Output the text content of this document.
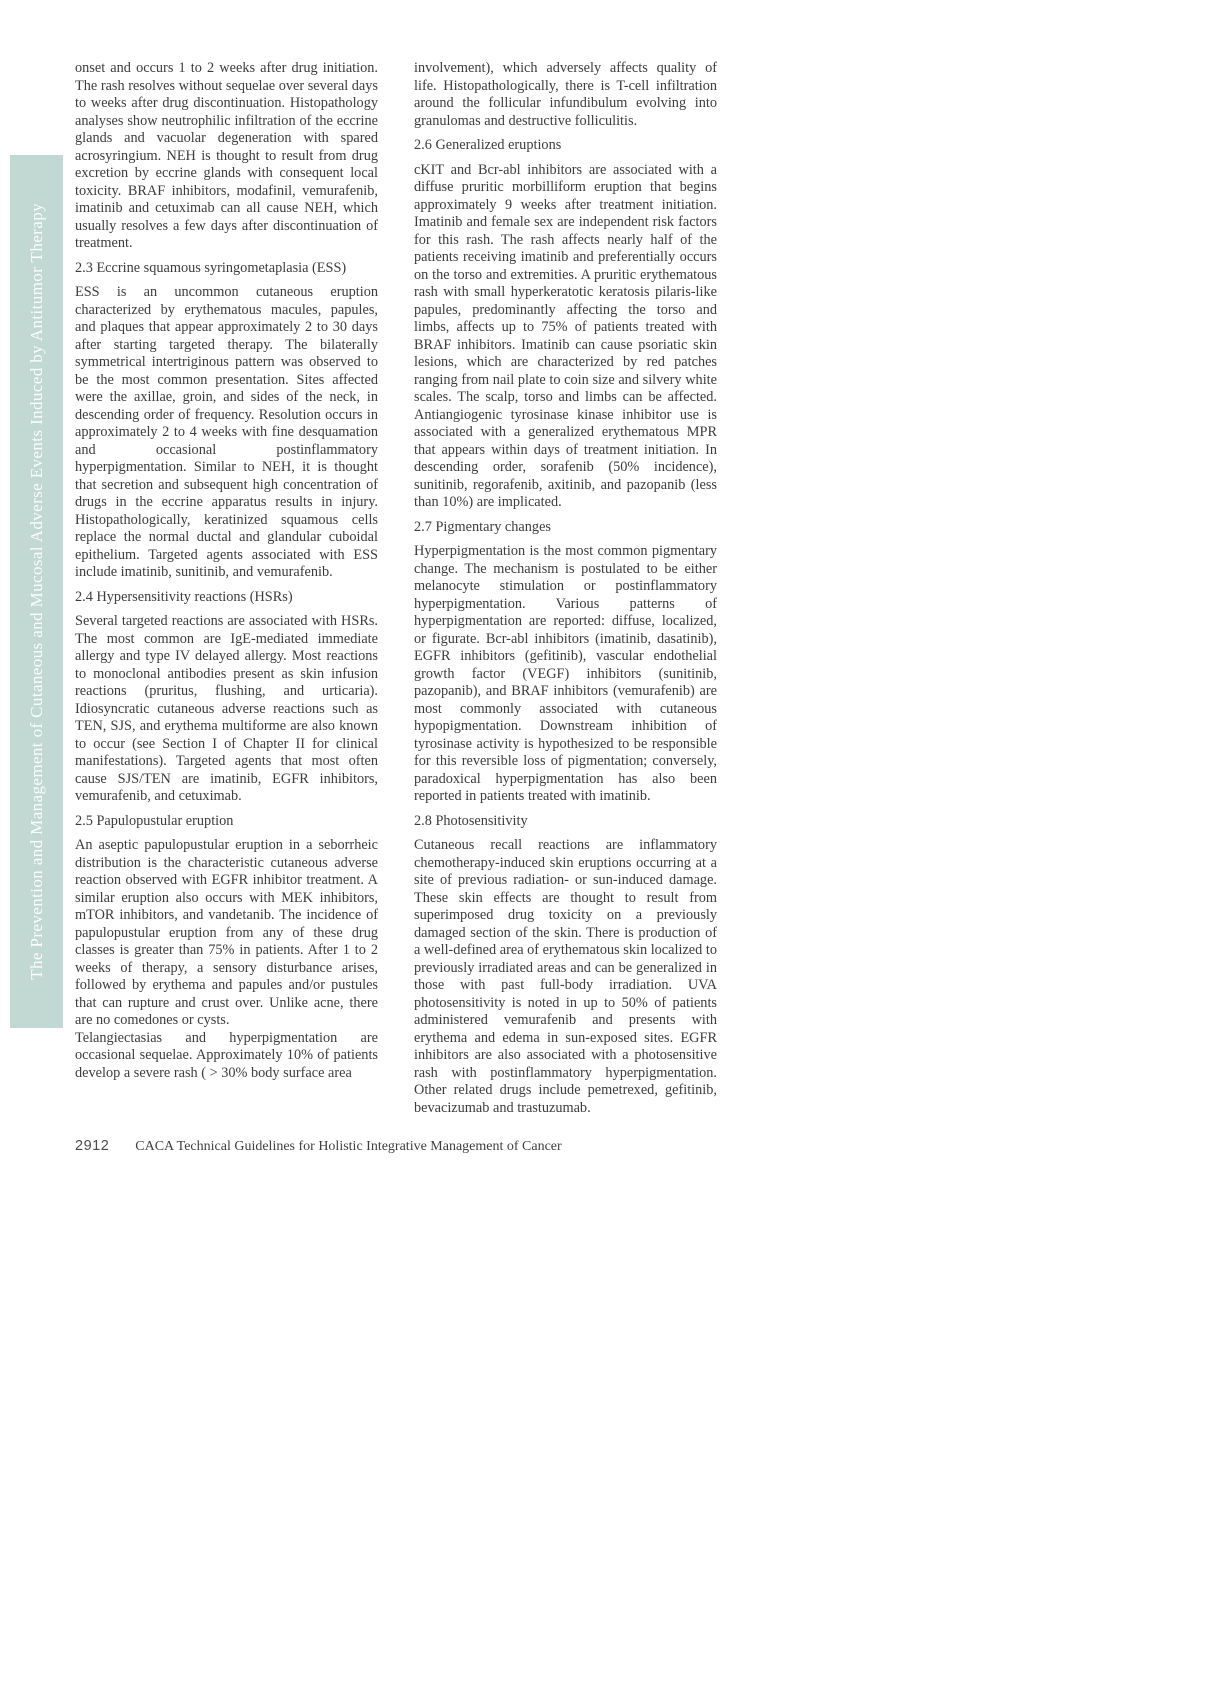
The Prevention and Management of Cutaneous and Mucosal Adverse Events Induced by Antitumor Therapy

onset and occurs 1 to 2 weeks after drug initiation. The rash resolves without sequelae over several days to weeks after drug discontinuation. Histopathology analyses show neutrophilic infiltration of the eccrine glands and vacuolar degeneration with spared acrosyringium. NEH is thought to result from drug excretion by eccrine glands with consequent local toxicity. BRAF inhibitors, modafinil, vemurafenib, imatinib and cetuximab can all cause NEH, which usually resolves a few days after discontinuation of treatment.

2.3 Eccrine squamous syringometaplasia (ESS)

ESS is an uncommon cutaneous eruption characterized by erythematous macules, papules, and plaques that appear approximately 2 to 30 days after starting targeted therapy. The bilaterally symmetrical intertriginous pattern was observed to be the most common presentation. Sites affected were the axillae, groin, and sides of the neck, in descending order of frequency. Resolution occurs in approximately 2 to 4 weeks with fine desquamation and occasional postinflammatory hyperpigmentation. Similar to NEH, it is thought that secretion and subsequent high concentration of drugs in the eccrine apparatus results in injury. Histopathologically, keratinized squamous cells replace the normal ductal and glandular cuboidal epithelium. Targeted agents associated with ESS include imatinib, sunitinib, and vemurafenib.

2.4 Hypersensitivity reactions (HSRs)

Several targeted reactions are associated with HSRs. The most common are IgE-mediated immediate allergy and type IV delayed allergy. Most reactions to monoclonal antibodies present as skin infusion reactions (pruritus, flushing, and urticaria). Idiosyncratic cutaneous adverse reactions such as TEN, SJS, and erythema multiforme are also known to occur (see Section I of Chapter II for clinical manifestations). Targeted agents that most often cause SJS/TEN are imatinib, EGFR inhibitors, vemurafenib, and cetuximab.

2.5 Papulopustular eruption

An aseptic papulopustular eruption in a seborrheic distribution is the characteristic cutaneous adverse reaction observed with EGFR inhibitor treatment. A similar eruption also occurs with MEK inhibitors, mTOR inhibitors, and vandetanib. The incidence of papulopustular eruption from any of these drug classes is greater than 75% in patients. After 1 to 2 weeks of therapy, a sensory disturbance arises, followed by erythema and papules and/or pustules that can rupture and crust over. Unlike acne, there are no comedones or cysts.

Telangiectasias and hyperpigmentation are occasional sequelae. Approximately 10% of patients develop a severe rash ( > 30% body surface area

involvement), which adversely affects quality of life. Histopathologically, there is T-cell infiltration around the follicular infundibulum evolving into granulomas and destructive folliculitis.

2.6 Generalized eruptions

cKIT and Bcr-abl inhibitors are associated with a diffuse pruritic morbilliform eruption that begins approximately 9 weeks after treatment initiation. Imatinib and female sex are independent risk factors for this rash. The rash affects nearly half of the patients receiving imatinib and preferentially occurs on the torso and extremities. A pruritic erythematous rash with small hyperkeratotic keratosis pilaris-like papules, predominantly affecting the torso and limbs, affects up to 75% of patients treated with BRAF inhibitors. Imatinib can cause psoriatic skin lesions, which are characterized by red patches ranging from nail plate to coin size and silvery white scales. The scalp, torso and limbs can be affected. Antiangiogenic tyrosinase kinase inhibitor use is associated with a generalized erythematous MPR that appears within days of treatment initiation. In descending order, sorafenib (50% incidence), sunitinib, regorafenib, axitinib, and pazopanib (less than 10%) are implicated.

2.7 Pigmentary changes

Hyperpigmentation is the most common pigmentary change. The mechanism is postulated to be either melanocyte stimulation or postinflammatory hyperpigmentation. Various patterns of hyperpigmentation are reported: diffuse, localized, or figurate. Bcr-abl inhibitors (imatinib, dasatinib), EGFR inhibitors (gefitinib), vascular endothelial growth factor (VEGF) inhibitors (sunitinib, pazopanib), and BRAF inhibitors (vemurafenib) are most commonly associated with cutaneous hypopigmentation. Downstream inhibition of tyrosinase activity is hypothesized to be responsible for this reversible loss of pigmentation; conversely, paradoxical hyperpigmentation has also been reported in patients treated with imatinib.

2.8 Photosensitivity

Cutaneous recall reactions are inflammatory chemotherapy-induced skin eruptions occurring at a site of previous radiation- or sun-induced damage. These skin effects are thought to result from superimposed drug toxicity on a previously damaged section of the skin. There is production of a well-defined area of erythematous skin localized to previously irradiated areas and can be generalized in those with past full-body irradiation. UVA photosensitivity is noted in up to 50% of patients administered vemurafenib and presents with erythema and edema in sun-exposed sites. EGFR inhibitors are also associated with a photosensitive rash with postinflammatory hyperpigmentation. Other related drugs include pemetrexed, gefitinib, bevacizumab and trastuzumab.

2912 CACA Technical Guidelines for Holistic Integrative Management of Cancer
